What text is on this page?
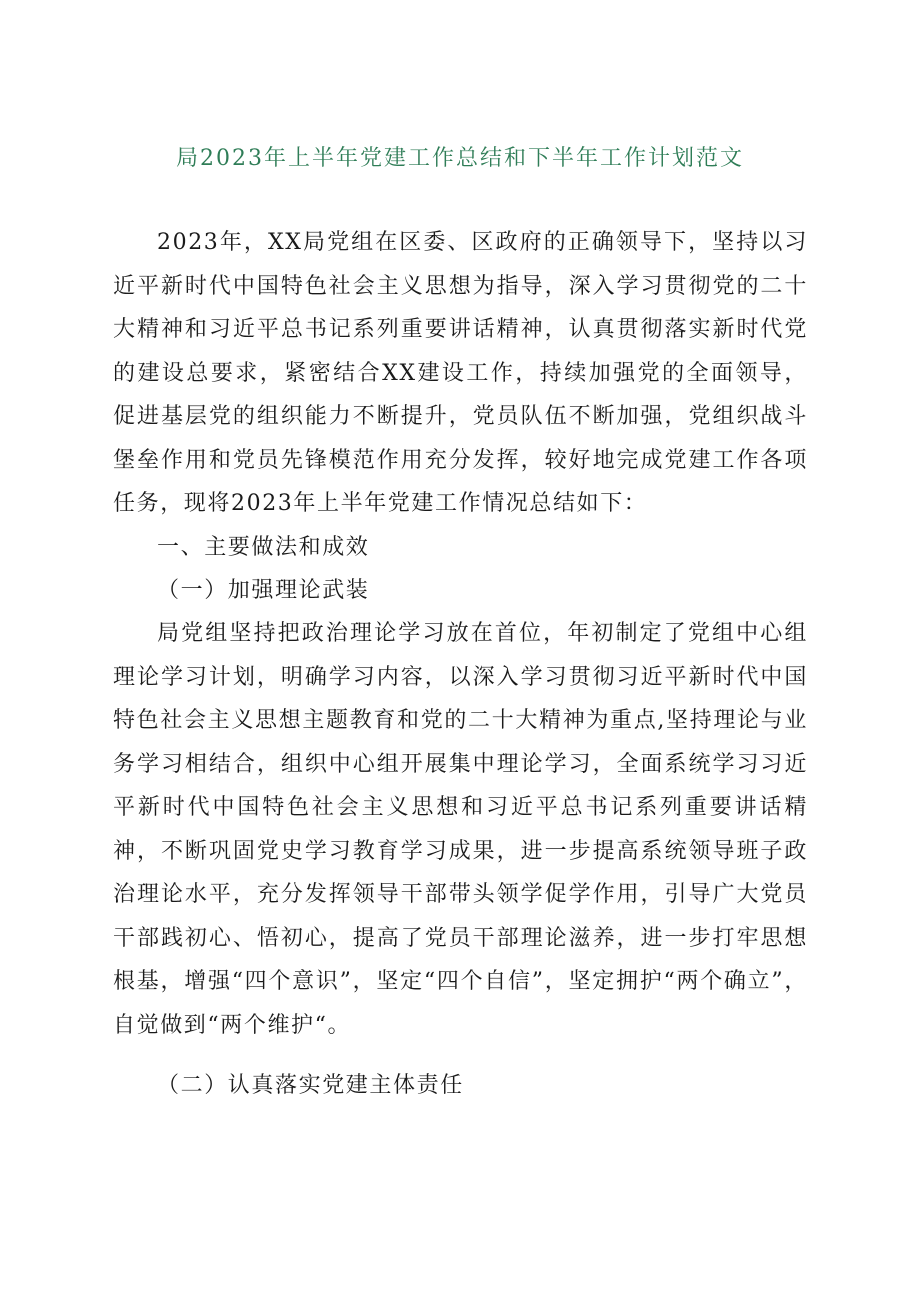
局2023年上半年党建工作总结和下半年工作计划范文

2023年，XX局党组在区委、区政府的正确领导下，坚持以习近平新时代中国特色社会主义思想为指导，深入学习贯彻党的二十大精神和习近平总书记系列重要讲话精神，认真贯彻落实新时代党的建设总要求，紧密结合XX建设工作，持续加强党的全面领导，促进基层党的组织能力不断提升，党员队伍不断加强，党组织战斗堡垒作用和党员先锋模范作用充分发挥，较好地完成党建工作各项任务，现将2023年上半年党建工作情况总结如下：

一、主要做法和成效
（一）加强理论武装

局党组坚持把政治理论学习放在首位，年初制定了党组中心组理论学习计划，明确学习内容，以深入学习贯彻习近平新时代中国特色社会主义思想主题教育和党的二十大精神为重点,坚持理论与业务学习相结合，组织中心组开展集中理论学习，全面系统学习习近平新时代中国特色社会主义思想和习近平总书记系列重要讲话精神，不断巩固党史学习教育学习成果，进一步提高系统领导班子政治理论水平，充分发挥领导干部带头领学促学作用，引导广大党员干部践初心、悟初心，提高了党员干部理论滋养，进一步打牢思想根基，增强“四个意识”，坚定“四个自信”，坚定拥护“两个确立”，自觉做到“两个维护“。

（二）认真落实党建主体责任
